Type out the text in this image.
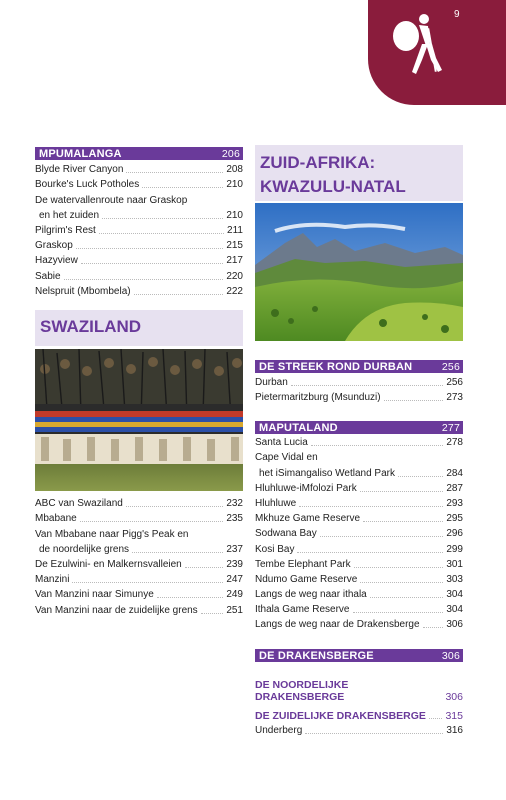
9
MPUMALANGA	206
Blyde River Canyon	208
Bourke's Luck Potholes	210
De watervallenroute naar Graskop
en het zuiden	210
Pilgrim's Rest	211
Graskop	215
Hazyview	217
Sabie	220
Nelspruit (Mbombela)	222
SWAZILAND
ABC van Swaziland	232
Mbabane	235
Van Mbabane naar Pigg's Peak en
de noordelijke grens	237
De Ezulwini- en Malkernsvalleien	239
Manzini	247
Van Manzini naar Simunye	249
Van Manzini naar de zuidelijke grens	251
ZUID-AFRIKA:
KWAZULU-NATAL
DE STREEK ROND DURBAN	256
Durban	256
Pietermaritzburg (Msunduzi)	273
MAPUTALAND	277
Santa Lucia	278
Cape Vidal en
het iSimangaliso Wetland Park	284
Hluhluwe-iMfolozi Park	287
Hluhluwe	293
Mkhuze Game Reserve	295
Sodwana Bay	296
Kosi Bay	299
Tembe Elephant Park	301
Ndumo Game Reserve	303
Langs de weg naar ithala	304
Ithala Game Reserve	304
Langs de weg naar de Drakensberge	306
DE DRAKENSBERGE	306
DE NOORDELIJKE DRAKENSBERGE	306
DE ZUIDELIJKE DRAKENSBERGE 315
Underberg	316
